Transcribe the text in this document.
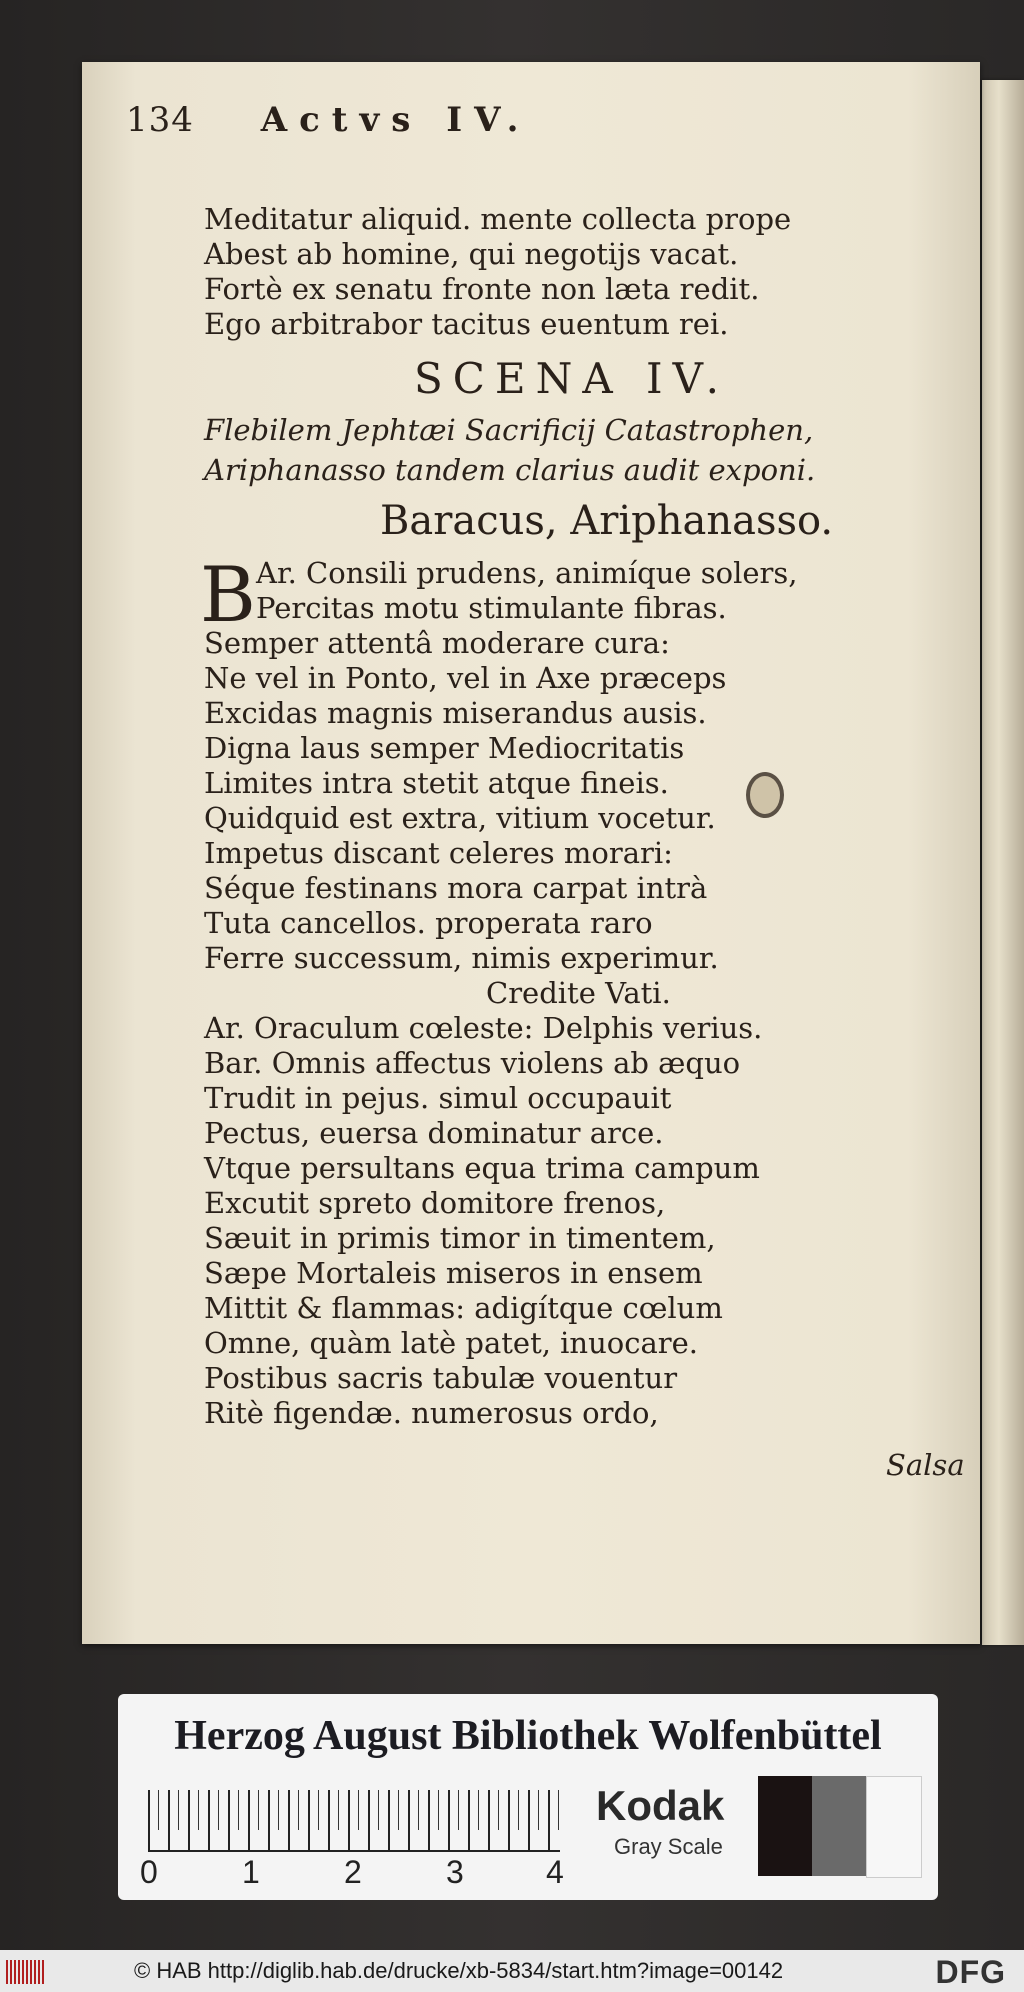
134 Actvs IV.
Meditatur aliquid. mente collecta prope
Abest ab homine, qui negotijs vacat.
Fortè ex senatu fronte non læta redit.
Ego arbitrabor tacitus euentum rei.
SCENA IV.
Flebilem Jephtæi Sacrificij Catastrophen, Ariphanasso tandem clarius audit exponi.
Baracus, Ariphanasso.
B Ar. Consili prudens, animíque solers,
Percitas motu stimulante fibras.
Semper attentâ moderare cura:
Ne vel in Ponto, vel in Axe præceps
Excidas magnis miserandus ausis.
Digna laus semper Mediocritatis
Limites intra stetit atque fineis.
Quidquid est extra, vitium vocetur.
Impetus discant celeres morari:
Séque festinans mora carpat intrà
Tuta cancellos. properata raro
Ferre successum, nimis experimur.
Credite Vati.
Ar. Oraculum cœleste: Delphis verius.
Bar. Omnis affectus violens ab æquo
Trudit in pejus. simul occupauit
Pectus, euersa dominatur arce.
Vtque persultans equa trima campum
Excutit spreto domitore frenos,
Sæuit in primis timor in timentem,
Sæpe Mortaleis miseros in ensem
Mittit & flammas: adigítque cœlum
Omne, quàm latè patet, inuocare.
Postibus sacris tabulæ vouentur
Ritè figendæ. numerosus ordo,
Salsa
Herzog August Bibliothek Wolfenbüttel
0	1	2	3	4
Kodak
Gray Scale
© HAB http://diglib.hab.de/drucke/xb-5834/start.htm?image=00142	DFG
